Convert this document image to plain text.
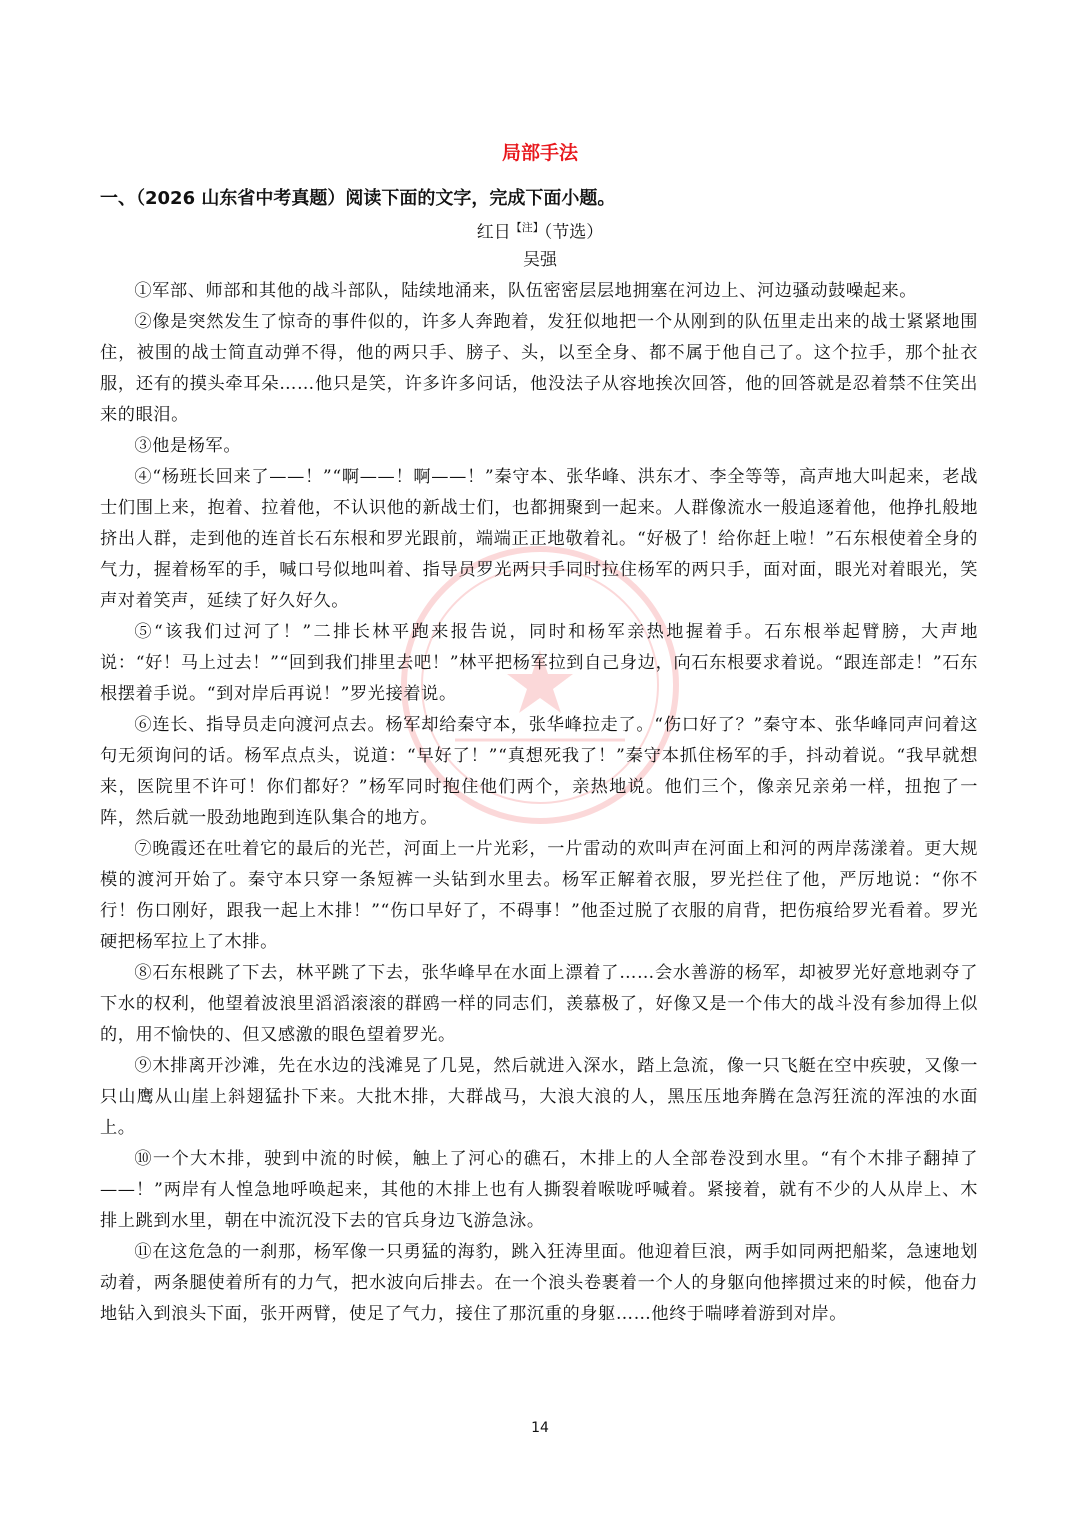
局部手法
一、（2026 山东省中考真题）阅读下面的文字，完成下面小题。
红日$^{【注】}$（节选）
吴强

①军部、师部和其他的战斗部队，陆续地涌来，队伍密密层层地拥塞在河边上、河边骚动鼓噪起来。

②像是突然发生了惊奇的事件似的，许多人奔跑着，发狂似地把一个从刚到的队伍里走出来的战士紧紧地围住，被围的战士简直动弹不得，他的两只手、膀子、头，以至全身、都不属于他自己了。这个拉手，那个扯衣服，还有的摸头牵耳朵……他只是笑，许多许多问话，他没法子从容地挨次回答，他的回答就是忍着禁不住笑出来的眼泪。

③他是杨军。

④“杨班长回来了——！”“啊——！啊——！”秦守本、张华峰、洪东才、李全等等，高声地大叫起来，老战士们围上来，抱着、拉着他，不认识他的新战士们，也都拥聚到一起来。人群像流水一般追逐着他，他挣扎般地挤出人群，走到他的连首长石东根和罗光跟前，端端正正地敬着礼。“好极了！给你赶上啦！”石东根使着全身的气力，握着杨军的手，喊口号似地叫着、指导员罗光两只手同时拉住杨军的两只手，面对面，眼光对着眼光，笑声对着笑声，延续了好久好久。

⑤“该我们过河了！”二排长林平跑来报告说，同时和杨军亲热地握着手。石东根举起臂膀，大声地说：“好！马上过去！”“回到我们排里去吧！”林平把杨军拉到自己身边，向石东根要求着说。“跟连部走！”石东根摆着手说。“到对岸后再说！”罗光接着说。

⑥连长、指导员走向渡河点去。杨军却给秦守本，张华峰拉走了。“伤口好了？”秦守本、张华峰同声问着这句无须询问的话。杨军点点头，说道：“早好了！”“真想死我了！”秦守本抓住杨军的手，抖动着说。“我早就想来，医院里不许可！你们都好？”杨军同时抱住他们两个，亲热地说。他们三个，像亲兄亲弟一样，扭抱了一阵，然后就一股劲地跑到连队集合的地方。

⑦晚霞还在吐着它的最后的光芒，河面上一片光彩，一片雷动的欢叫声在河面上和河的两岸荡漾着。更大规模的渡河开始了。秦守本只穿一条短裤一头钻到水里去。杨军正解着衣服，罗光拦住了他，严厉地说：“你不行！伤口刚好，跟我一起上木排！”“伤口早好了，不碍事！”他歪过脱了衣服的肩背，把伤痕给罗光看着。罗光硬把杨军拉上了木排。

⑧石东根跳了下去，林平跳了下去，张华峰早在水面上漂着了……会水善游的杨军，却被罗光好意地剥夺了下水的权利，他望着波浪里滔滔滚滚的群鸥一样的同志们，羡慕极了，好像又是一个伟大的战斗没有参加得上似的，用不愉快的、但又感激的眼色望着罗光。

⑨木排离开沙滩，先在水边的浅滩晃了几晃，然后就进入深水，踏上急流，像一只飞艇在空中疾驶，又像一只山鹰从山崖上斜翅猛扑下来。大批木排，大群战马，大浪大浪的人，黑压压地奔腾在急泻狂流的浑浊的水面上。

⑩一个大木排，驶到中流的时候，触上了河心的礁石，木排上的人全部卷没到水里。“有个木排子翻掉了——！”两岸有人惶急地呼唤起来，其他的木排上也有人撕裂着喉咙呼喊着。紧接着，就有不少的人从岸上、木排上跳到水里，朝在中流沉没下去的官兵身边飞游急泳。

⑪在这危急的一刹那，杨军像一只勇猛的海豹，跳入狂涛里面。他迎着巨浪，两手如同两把船桨，急速地划动着，两条腿使着所有的力气，把水波向后排去。在一个浪头卷裹着一个人的身躯向他摔掼过来的时候，他奋力地钻入到浪头下面，张开两臂，使足了气力，接住了那沉重的身躯……他终于喘哮着游到对岸。

14
